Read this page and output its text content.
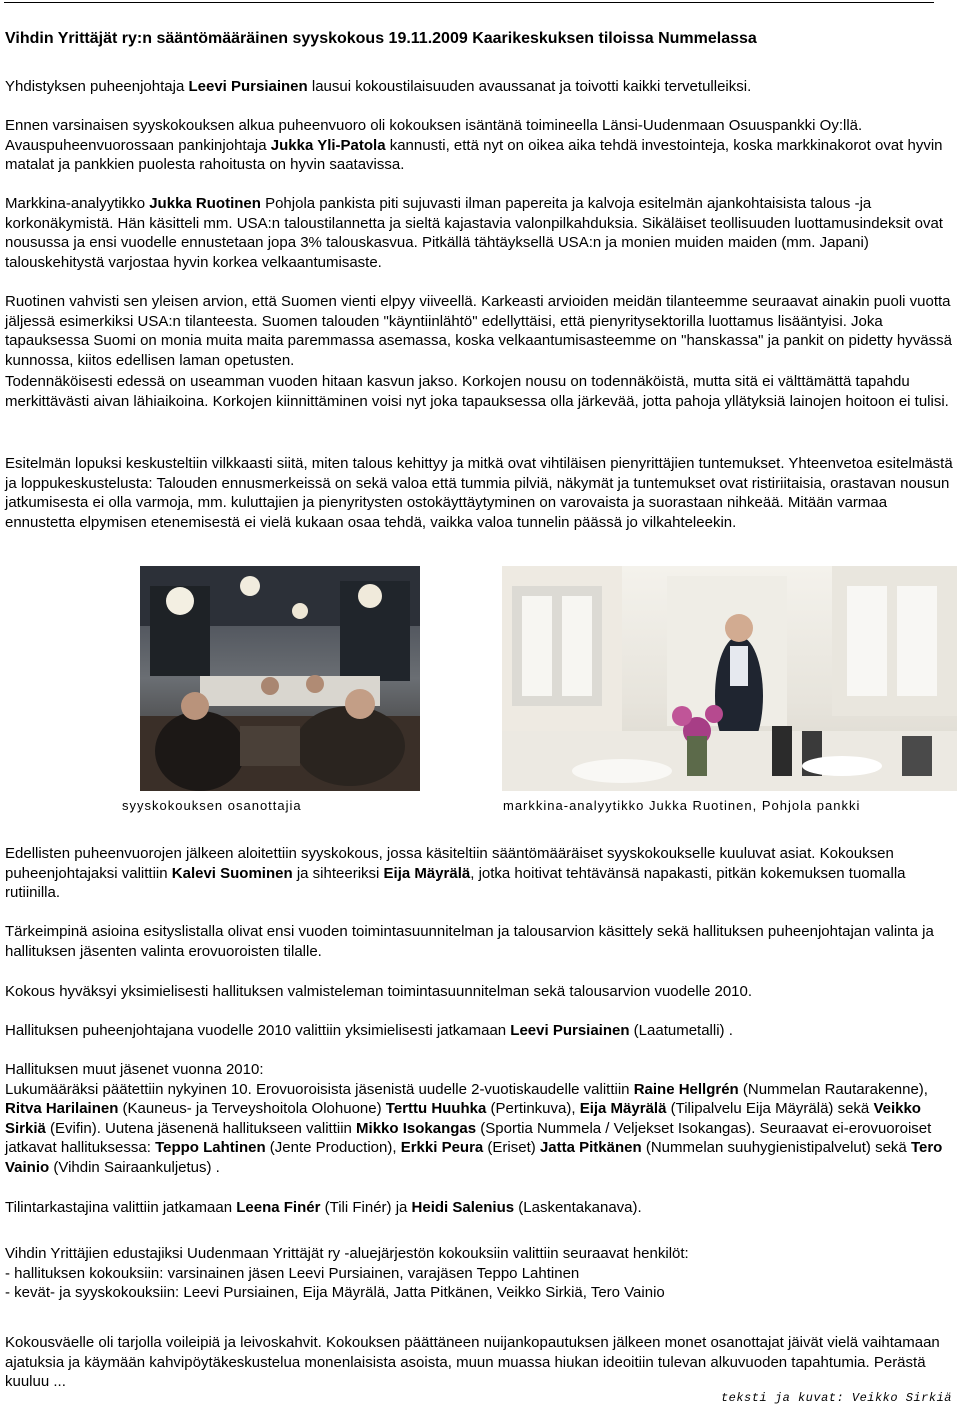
Vihdin Yrittäjät ry:n sääntömääräinen syyskokous 19.11.2009 Kaarikeskuksen tiloissa Nummelassa
Yhdistyksen puheenjohtaja Leevi Pursiainen lausui kokoustilaisuuden avaussanat ja toivotti kaikki tervetulleiksi.
Ennen varsinaisen syyskokouksen alkua puheenvuoro oli kokouksen isäntänä toimineella Länsi-Uudenmaan Osuuspankki Oy:llä. Avauspuheenvuorossaan pankinjohtaja Jukka Yli-Patola kannusti, että nyt on oikea aika tehdä investointeja, koska markkinakorot ovat hyvin matalat ja pankkien puolesta rahoitusta on hyvin saatavissa.
Markkina-analyytikko Jukka Ruotinen Pohjola pankista piti sujuvasti ilman papereita ja kalvoja esitelmän ajankohtaisista talous -ja korkonäkymistä. Hän käsitteli mm. USA:n taloustilannetta ja sieltä kajastavia valonpilkahduksia. Sikäläiset teollisuuden luottamusindeksit ovat nousussa ja ensi vuodelle ennustetaan jopa 3% talouskasvua. Pitkällä tähtäyksellä USA:n ja monien muiden maiden (mm. Japani) talouskehitystä varjostaa hyvin korkea velkaantumisaste.
Ruotinen vahvisti sen yleisen arvion, että Suomen vienti elpyy viiveellä. Karkeasti arvioiden meidän tilanteemme seuraavat ainakin puoli vuotta jäljessä esimerkiksi USA:n tilanteesta. Suomen talouden "käyntiinlähtö" edellyttäisi, että pienyritysektorilla luottamus lisääntyisi. Joka tapauksessa Suomi on monia muita maita paremmassa asemassa, koska velkaantumisasteemme on "hanskassa" ja pankit on pidetty hyvässä kunnossa, kiitos edellisen laman opetusten.
Todennäköisesti edessä on useamman vuoden hitaan kasvun jakso. Korkojen nousu on todennäköistä, mutta sitä ei välttämättä tapahdu merkittävästi aivan lähiaikoina. Korkojen kiinnittäminen voisi nyt joka tapauksessa olla järkevää, jotta pahoja yllätyksiä lainojen hoitoon ei tulisi.
Esitelmän lopuksi keskusteltiin vilkkaasti siitä, miten talous kehittyy ja mitkä ovat vihtiläisen pienyrittäjien tuntemukset. Yhteenvetoa esitelmästä ja loppukeskustelusta: Talouden ennusmerkeissä on sekä valoa että tummia pilviä, näkymät ja tuntemukset ovat ristiriitaisia, orastavan nousun jatkumisesta ei olla varmoja, mm. kuluttajien ja pienyritysten ostokäyttäytyminen on varovaista ja suorastaan nihkeää. Mitään varmaa ennustetta elpymisen etenemisestä ei vielä kukaan osaa tehdä, vaikka valoa tunnelin päässä jo vilkahteleekin.
syyskokouksen osanottajia	markkina-analyytikko Jukka Ruotinen, Pohjola pankki
Edellisten puheenvuorojen jälkeen aloitettiin syyskokous, jossa käsiteltiin sääntömääräiset syyskokoukselle kuuluvat asiat. Kokouksen puheenjohtajaksi valittiin Kalevi Suominen ja sihteeriksi Eija Mäyrälä, jotka hoitivat tehtävänsä napakasti, pitkän kokemuksen tuomalla rutiinilla.
Tärkeimpinä asioina esityslistalla olivat ensi vuoden toimintasuunnitelman ja talousarvion käsittely sekä hallituksen puheenjohtajan valinta ja hallituksen jäsenten valinta erovuoroisten tilalle.
Kokous hyväksyi yksimielisesti hallituksen valmisteleman toimintasuunnitelman sekä talousarvion vuodelle 2010.
Hallituksen puheenjohtajana vuodelle 2010 valittiin yksimielisesti jatkamaan Leevi Pursiainen (Laatumetalli) .
Hallituksen muut jäsenet vuonna 2010:
Lukumääräksi päätettiin nykyinen 10. Erovuoroisista jäsenistä uudelle 2-vuotiskaudelle valittiin Raine Hellgrén (Nummelan Rautarakenne), Ritva Harilainen (Kauneus- ja Terveyshoitola Olohuone) Terttu Huuhka (Pertinkuva), Eija Mäyrälä (Tilipalvelu Eija Mäyrälä) sekä Veikko Sirkiä (Evifin). Uutena jäsenenä hallitukseen valittiin Mikko Isokangas (Sportia Nummela / Veljekset Isokangas). Seuraavat ei-erovuoroiset jatkavat hallituksessa: Teppo Lahtinen (Jente Production), Erkki Peura (Eriset) Jatta Pitkänen (Nummelan suuhygienistipalvelut) sekä Tero Vainio (Vihdin Sairaankuljetus) .
Tilintarkastajina valittiin jatkamaan Leena Finér (Tili Finér) ja Heidi Salenius (Laskentakanava).
Vihdin Yrittäjien edustajiksi Uudenmaan Yrittäjät ry -aluejärjestön kokouksiin valittiin seuraavat henkilöt:
- hallituksen kokouksiin: varsinainen jäsen Leevi Pursiainen, varajäsen Teppo Lahtinen
- kevät- ja syyskokouksiin: Leevi Pursiainen, Eija Mäyrälä, Jatta Pitkänen, Veikko Sirkiä, Tero Vainio
Kokousväelle oli tarjolla voileipiä ja leivoskahvit. Kokouksen päättäneen nuijankopautuksen jälkeen monet osanottajat jäivät vielä vaihtamaan ajatuksia ja käymään kahvipöytäkeskustelua monenlaisista asoista, muun muassa hiukan ideoitiin tulevan alkuvuoden tapahtumia. Perästä kuuluu ...
teksti ja kuvat: Veikko Sirkiä
